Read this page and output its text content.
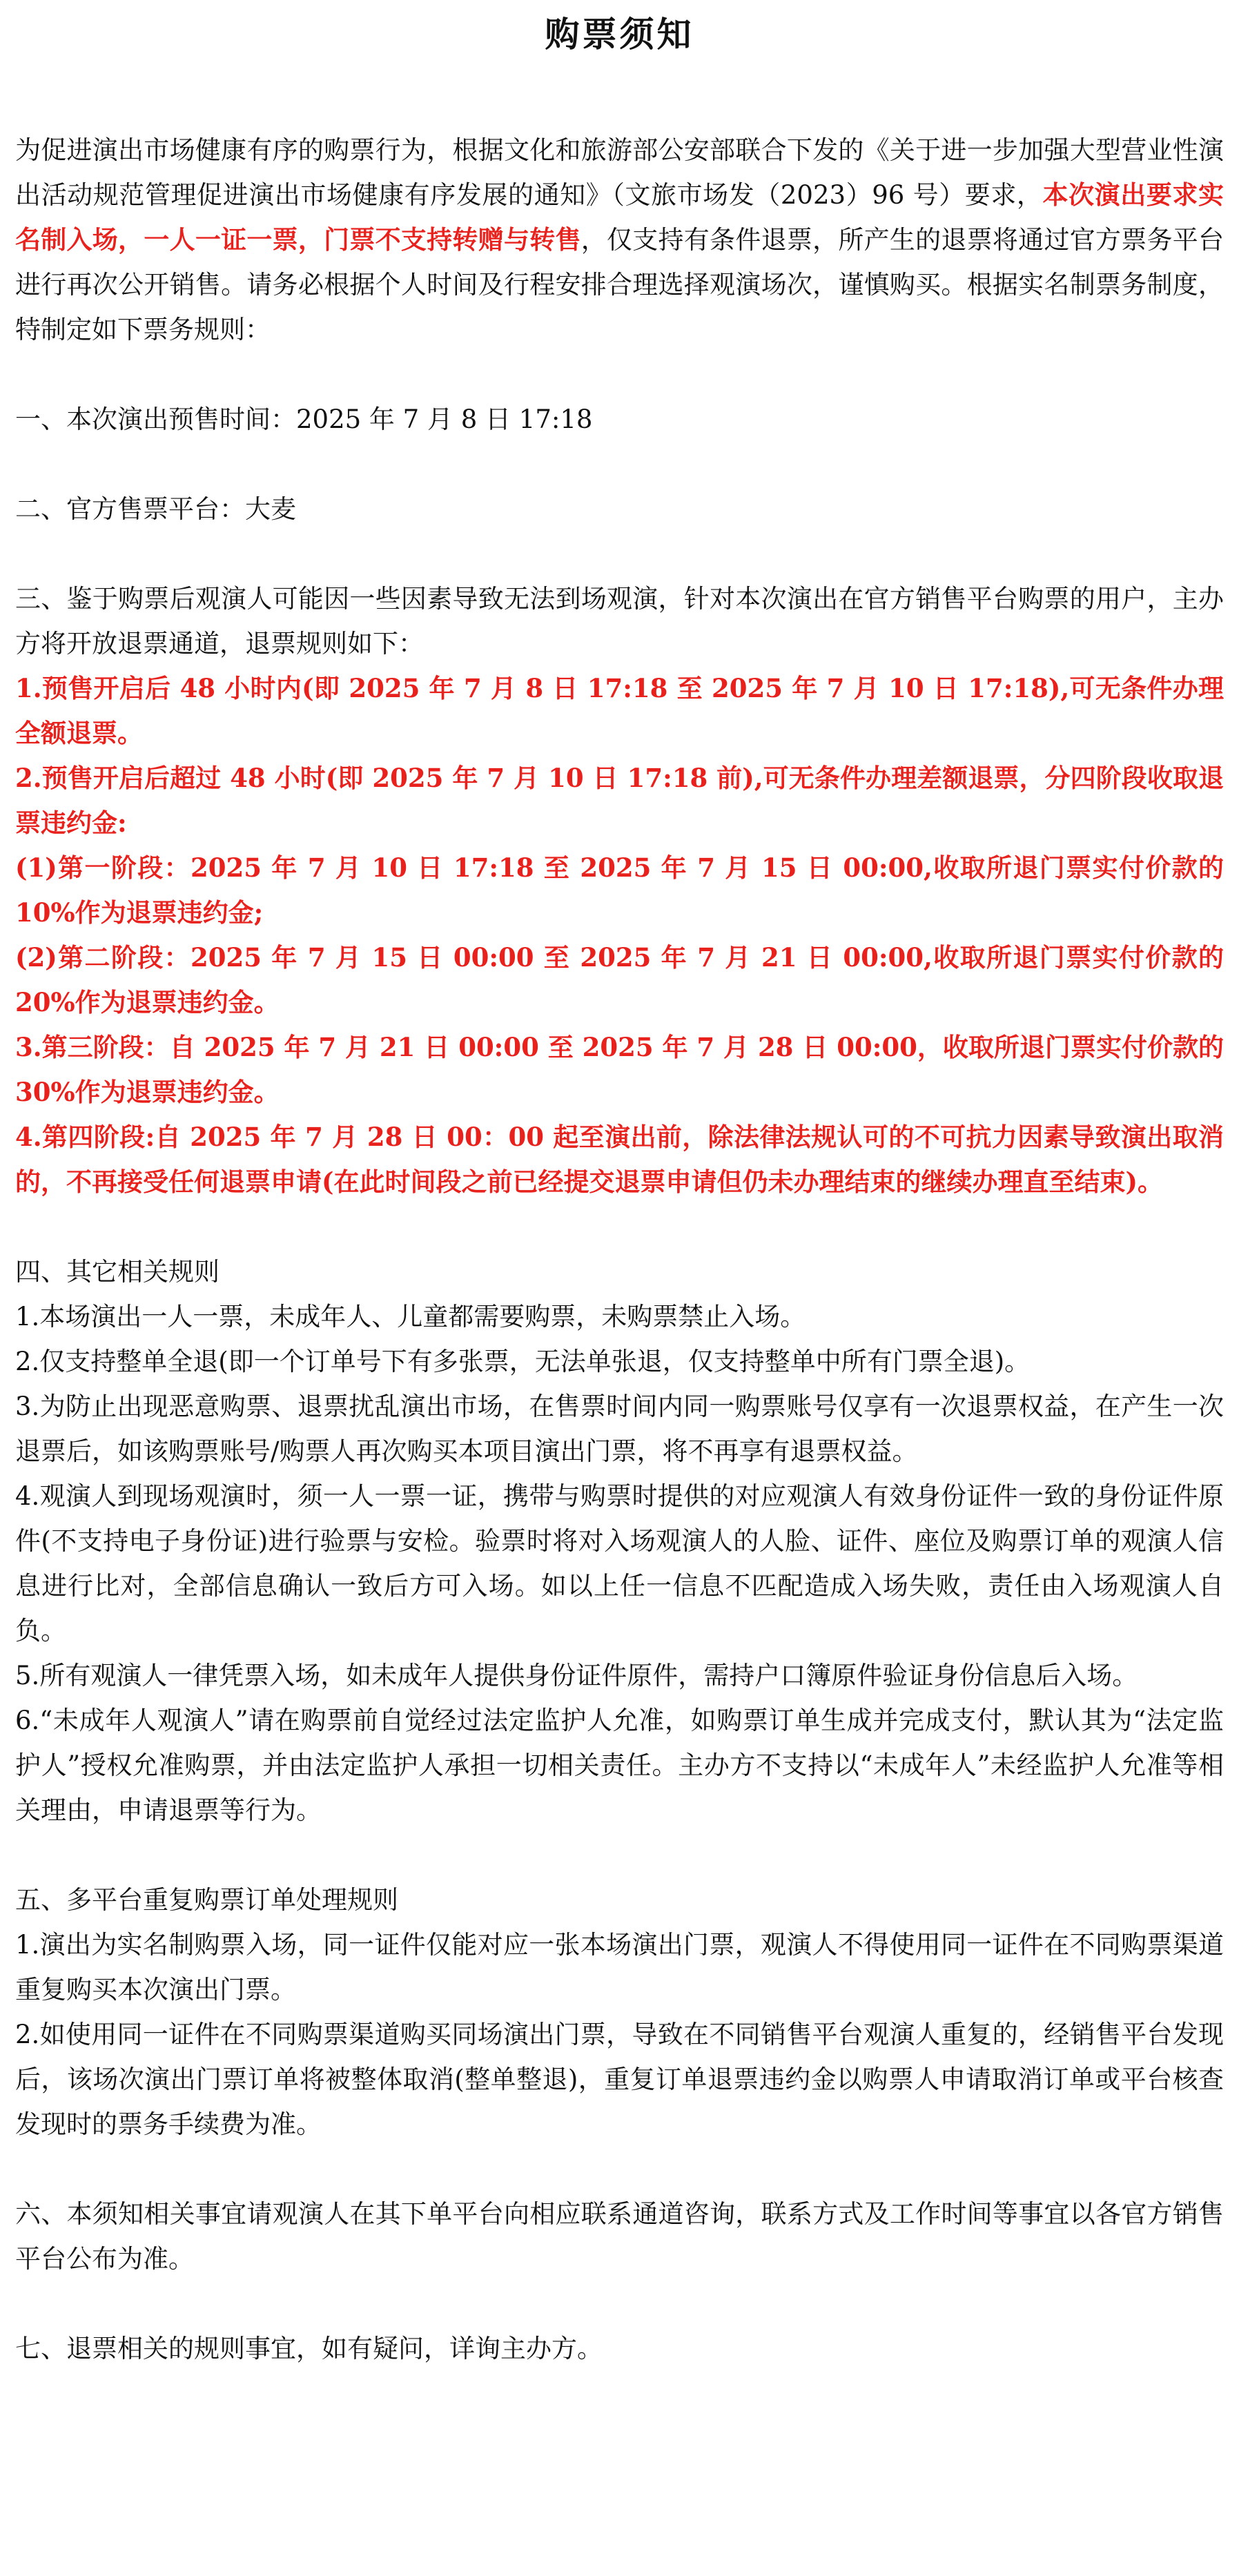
购票须知

为促进演出市场健康有序的购票行为，根据文化和旅游部公安部联合下发的《关于进一步加强大型营业性演出活动规范管理促进演出市场健康有序发展的通知》（文旅市场发（2023）96 号）要求，本次演出要求实名制入场，一人一证一票，门票不支持转赠与转售，仅支持有条件退票，所产生的退票将通过官方票务平台进行再次公开销售。请务必根据个人时间及行程安排合理选择观演场次，谨慎购买。根据实名制票务制度，特制定如下票务规则：

一、本次演出预售时间：2025 年 7 月 8 日 17:18

二、官方售票平台：大麦

三、鉴于购票后观演人可能因一些因素导致无法到场观演，针对本次演出在官方销售平台购票的用户，主办方将开放退票通道，退票规则如下：

1.预售开启后 48 小时内(即 2025 年 7 月 8 日 17:18 至 2025 年 7 月 10 日 17:18),可无条件办理全额退票。

2.预售开启后超过 48 小时(即 2025 年 7 月 10 日 17:18 前),可无条件办理差额退票，分四阶段收取退票违约金:

(1)第一阶段：2025 年 7 月 10 日 17:18 至 2025 年 7 月 15 日 00:00,收取所退门票实付价款的 10%作为退票违约金;

(2)第二阶段：2025 年 7 月 15 日 00:00 至 2025 年 7 月 21 日 00:00,收取所退门票实付价款的 20%作为退票违约金。

3.第三阶段：自 2025 年 7 月 21 日 00:00 至 2025 年 7 月 28 日 00:00，收取所退门票实付价款的 30%作为退票违约金。

4.第四阶段:自 2025 年 7 月 28 日 00：00 起至演出前，除法律法规认可的不可抗力因素导致演出取消的，不再接受任何退票申请(在此时间段之前已经提交退票申请但仍未办理结束的继续办理直至结束)。

四、其它相关规则

1.本场演出一人一票，未成年人、儿童都需要购票，未购票禁止入场。

2.仅支持整单全退(即一个订单号下有多张票，无法单张退，仅支持整单中所有门票全退)。

3.为防止出现恶意购票、退票扰乱演出市场，在售票时间内同一购票账号仅享有一次退票权益，在产生一次退票后，如该购票账号/购票人再次购买本项目演出门票，将不再享有退票权益。

4.观演人到现场观演时，须一人一票一证，携带与购票时提供的对应观演人有效身份证件一致的身份证件原件(不支持电子身份证)进行验票与安检。验票时将对入场观演人的人脸、证件、座位及购票订单的观演人信息进行比对，全部信息确认一致后方可入场。如以上任一信息不匹配造成入场失败，责任由入场观演人自负。

5.所有观演人一律凭票入场，如未成年人提供身份证件原件，需持户口簿原件验证身份信息后入场。

6.“未成年人观演人”请在购票前自觉经过法定监护人允准，如购票订单生成并完成支付，默认其为“法定监护人”授权允准购票，并由法定监护人承担一切相关责任。主办方不支持以“未成年人”未经监护人允准等相关理由，申请退票等行为。

五、多平台重复购票订单处理规则

1.演出为实名制购票入场，同一证件仅能对应一张本场演出门票，观演人不得使用同一证件在不同购票渠道重复购买本次演出门票。

2.如使用同一证件在不同购票渠道购买同场演出门票，导致在不同销售平台观演人重复的，经销售平台发现后，该场次演出门票订单将被整体取消(整单整退)，重复订单退票违约金以购票人申请取消订单或平台核查发现时的票务手续费为准。

六、本须知相关事宜请观演人在其下单平台向相应联系通道咨询，联系方式及工作时间等事宜以各官方销售平台公布为准。

七、退票相关的规则事宜，如有疑问，详询主办方。
